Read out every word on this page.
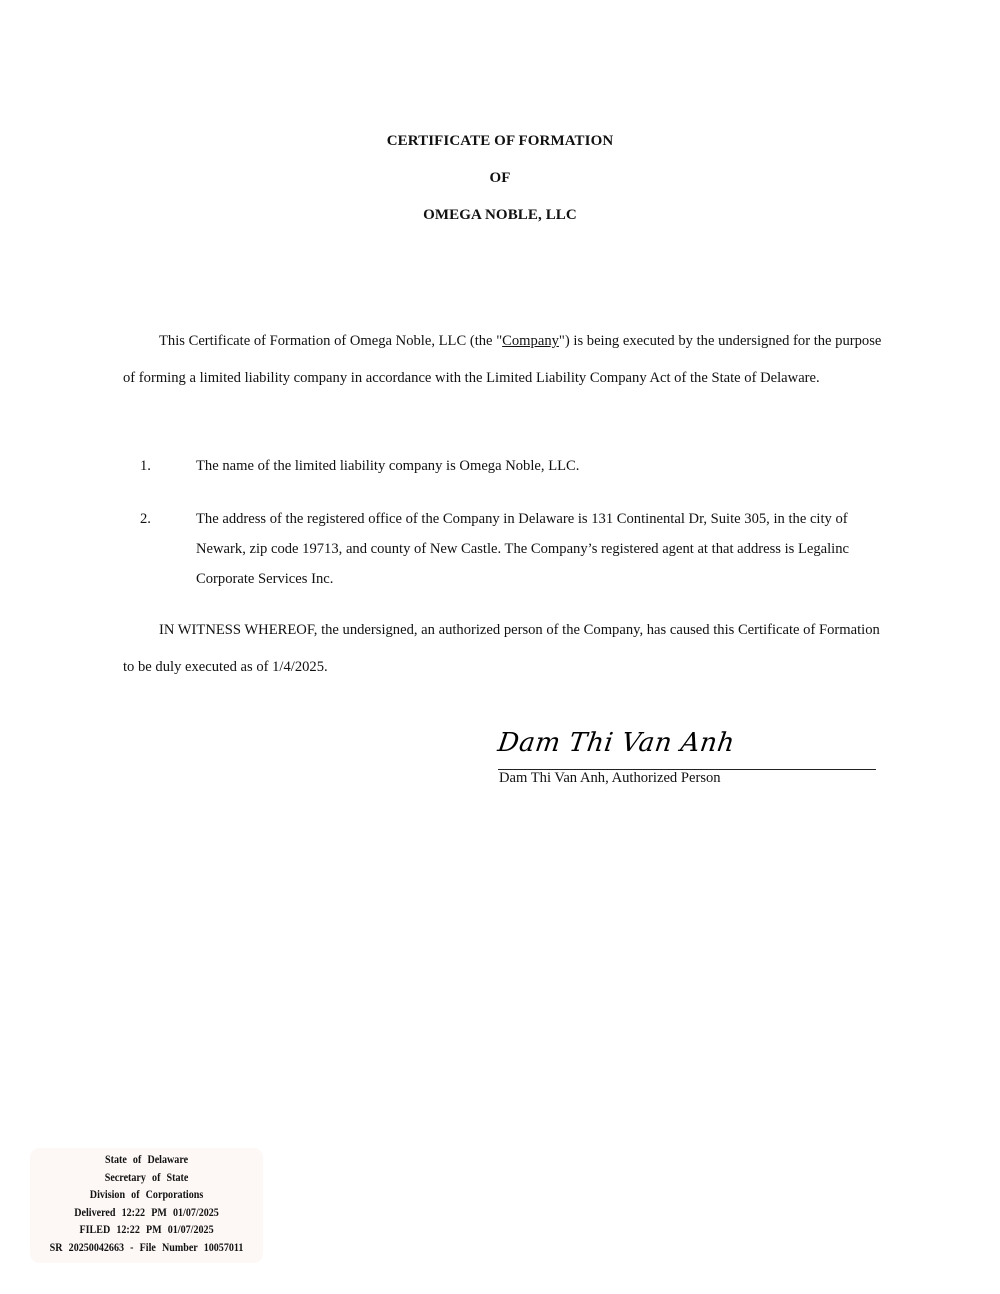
CERTIFICATE OF FORMATION
OF
OMEGA NOBLE, LLC
This Certificate of Formation of Omega Noble, LLC (the "Company") is being executed by the undersigned for the purpose of forming a limited liability company in accordance with the Limited Liability Company Act of the State of Delaware.
1.	The name of the limited liability company is Omega Noble, LLC.
2.	The address of the registered office of the Company in Delaware is 131 Continental Dr, Suite 305, in the city of Newark, zip code 19713, and county of New Castle. The Company’s registered agent at that address is Legalinc Corporate Services Inc.
IN WITNESS WHEREOF, the undersigned, an authorized person of the Company, has caused this Certificate of Formation to be duly executed as of 1/4/2025.
Dam Thi Van Anh
Dam Thi Van Anh, Authorized Person
State of Delaware
Secretary of State
Division of Corporations
Delivered 12:22 PM 01/07/2025
FILED 12:22 PM 01/07/2025
SR 20250042663 - File Number 10057011
